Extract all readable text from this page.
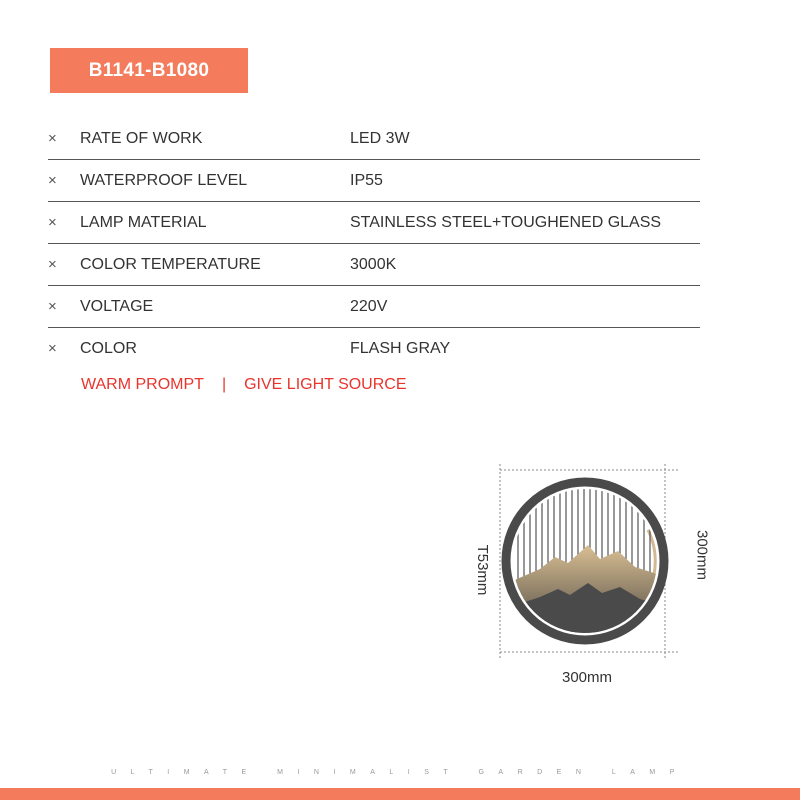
B1141-B1080
× RATE OF WORK	LED 3W
× WATERPROOF LEVEL	IP55
× LAMP MATERIAL	STAINLESS STEEL+TOUGHENED GLASS
× COLOR TEMPERATURE	3000K
× VOLTAGE	220V
× COLOR	FLASH GRAY
WARM PROMPT | GIVE LIGHT SOURCE
T53mm	300mm
300mm
ULTIMATE MINIMALIST GARDEN LAMP
